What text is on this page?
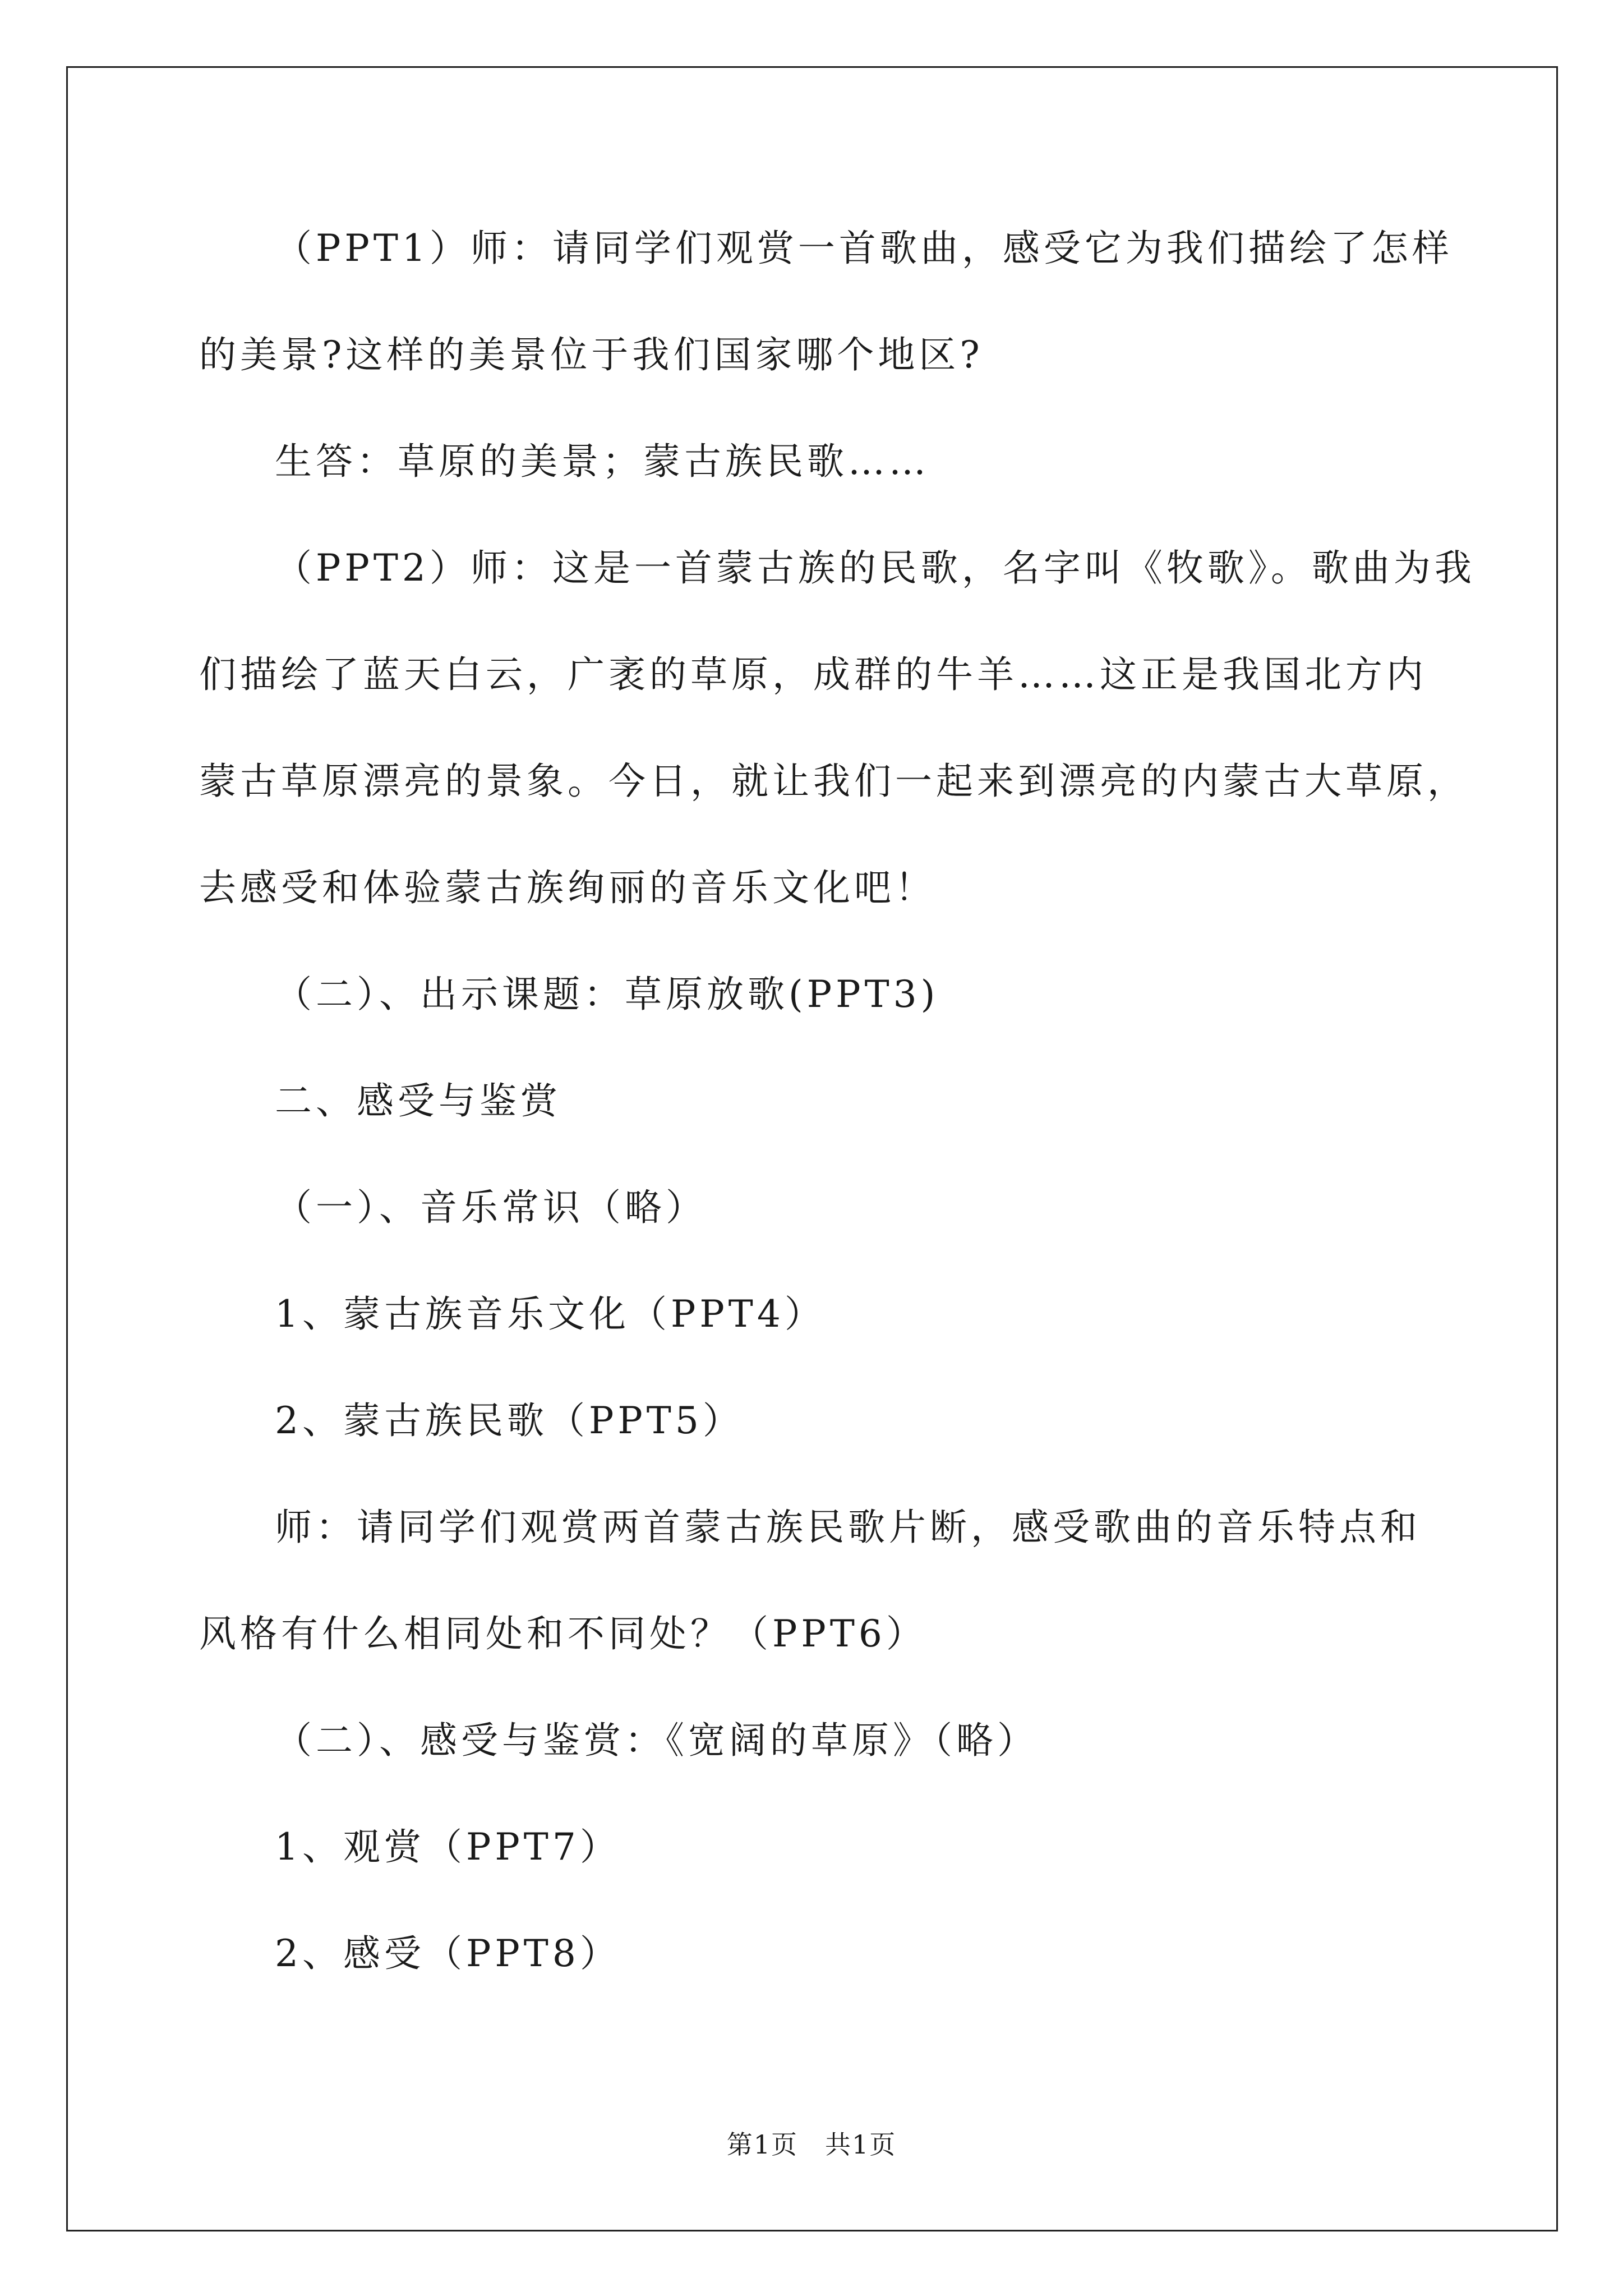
（PPT1）师：请同学们观赏一首歌曲，感受它为我们描绘了怎样
的美景?这样的美景位于我们国家哪个地区?
生答：草原的美景；蒙古族民歌……
（PPT2）师：这是一首蒙古族的民歌，名字叫《牧歌》。歌曲为我
们描绘了蓝天白云，广袤的草原，成群的牛羊……这正是我国北方内
蒙古草原漂亮的景象。今日，就让我们一起来到漂亮的内蒙古大草原，
去感受和体验蒙古族绚丽的音乐文化吧！
（二）、出示课题：草原放歌(PPT3)
二、感受与鉴赏
（一）、音乐常识（略）
1、蒙古族音乐文化（PPT4）
2、蒙古族民歌（PPT5）
师：请同学们观赏两首蒙古族民歌片断，感受歌曲的音乐特点和
风格有什么相同处和不同处？（PPT6）
（二）、感受与鉴赏：《宽阔的草原》（略）
1、观赏（PPT7）
2、感受（PPT8）
第1页　共1页
